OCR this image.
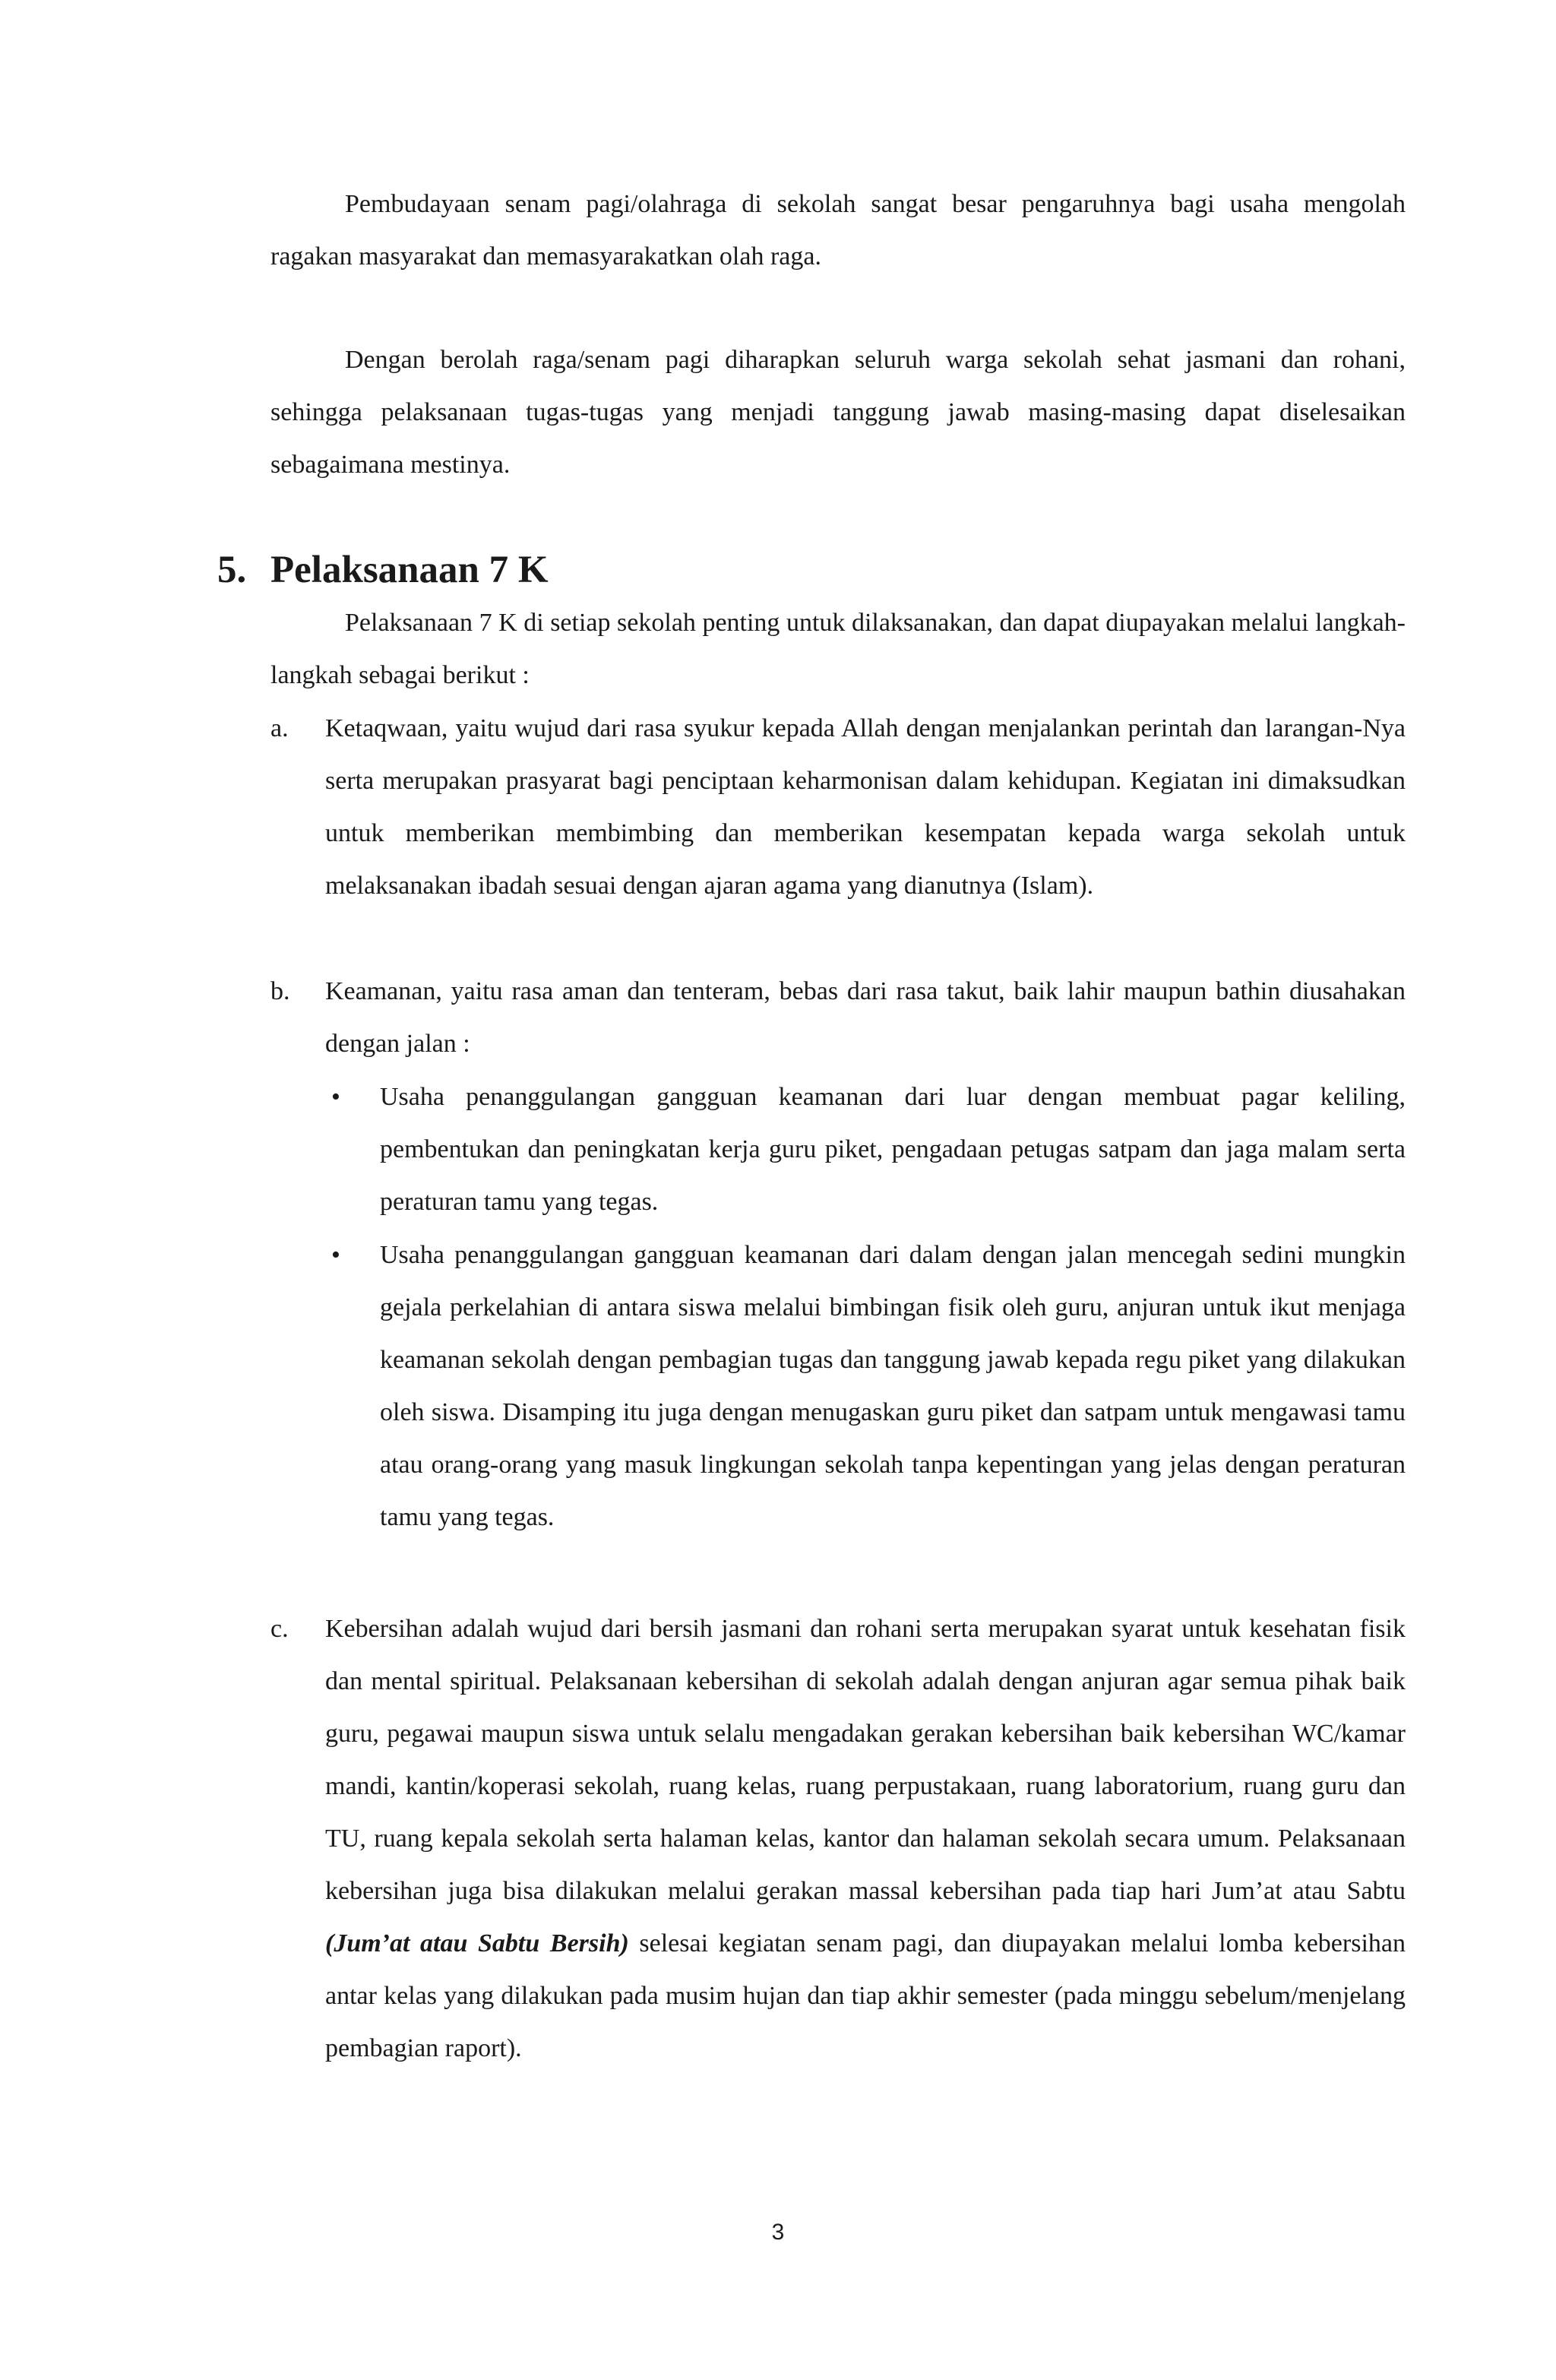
Pembudayaan senam pagi/olahraga di sekolah sangat besar pengaruhnya bagi usaha mengolah ragakan masyarakat dan memasyarakatkan olah raga.

Dengan berolah raga/senam pagi diharapkan seluruh warga sekolah sehat jasmani dan rohani, sehingga pelaksanaan tugas-tugas yang menjadi tanggung jawab masing-masing dapat diselesaikan sebagaimana mestinya.

5. Pelaksanaan 7 K

Pelaksanaan 7 K di setiap sekolah penting untuk dilaksanakan, dan dapat diupayakan melalui langkah-langkah sebagai berikut :

a. Ketaqwaan, yaitu wujud dari rasa syukur kepada Allah dengan menjalankan perintah dan larangan-Nya serta merupakan prasyarat bagi penciptaan keharmonisan dalam kehidupan. Kegiatan ini dimaksudkan untuk memberikan membimbing dan memberikan kesempatan kepada warga sekolah untuk melaksanakan ibadah sesuai dengan ajaran agama yang dianutnya (Islam).
b. Keamanan, yaitu rasa aman dan tenteram, bebas dari rasa takut, baik lahir maupun bathin diusahakan dengan jalan :
• Usaha penanggulangan gangguan keamanan dari luar dengan membuat pagar keliling, pembentukan dan peningkatan kerja guru piket, pengadaan petugas satpam dan jaga malam serta peraturan tamu yang tegas.
• Usaha penanggulangan gangguan keamanan dari dalam dengan jalan mencegah sedini mungkin gejala perkelahian di antara siswa melalui bimbingan fisik oleh guru, anjuran untuk ikut menjaga keamanan sekolah dengan pembagian tugas dan tanggung jawab kepada regu piket yang dilakukan oleh siswa. Disamping itu juga dengan menugaskan guru piket dan satpam untuk mengawasi tamu atau orang-orang yang masuk lingkungan sekolah tanpa kepentingan yang jelas dengan peraturan tamu yang tegas.
c. Kebersihan adalah wujud dari bersih jasmani dan rohani serta merupakan syarat untuk kesehatan fisik dan mental spiritual. Pelaksanaan kebersihan di sekolah adalah dengan anjuran agar semua pihak baik guru, pegawai maupun siswa untuk selalu mengadakan gerakan kebersihan baik kebersihan WC/kamar mandi, kantin/koperasi sekolah, ruang kelas, ruang perpustakaan, ruang laboratorium, ruang guru dan TU, ruang kepala sekolah serta halaman kelas, kantor dan halaman sekolah secara umum. Pelaksanaan kebersihan juga bisa dilakukan melalui gerakan massal kebersihan pada tiap hari Jum’at atau Sabtu (Jum’at atau Sabtu Bersih) selesai kegiatan senam pagi, dan diupayakan melalui lomba kebersihan antar kelas yang dilakukan pada musim hujan dan tiap akhir semester (pada minggu sebelum/menjelang pembagian raport).
3
